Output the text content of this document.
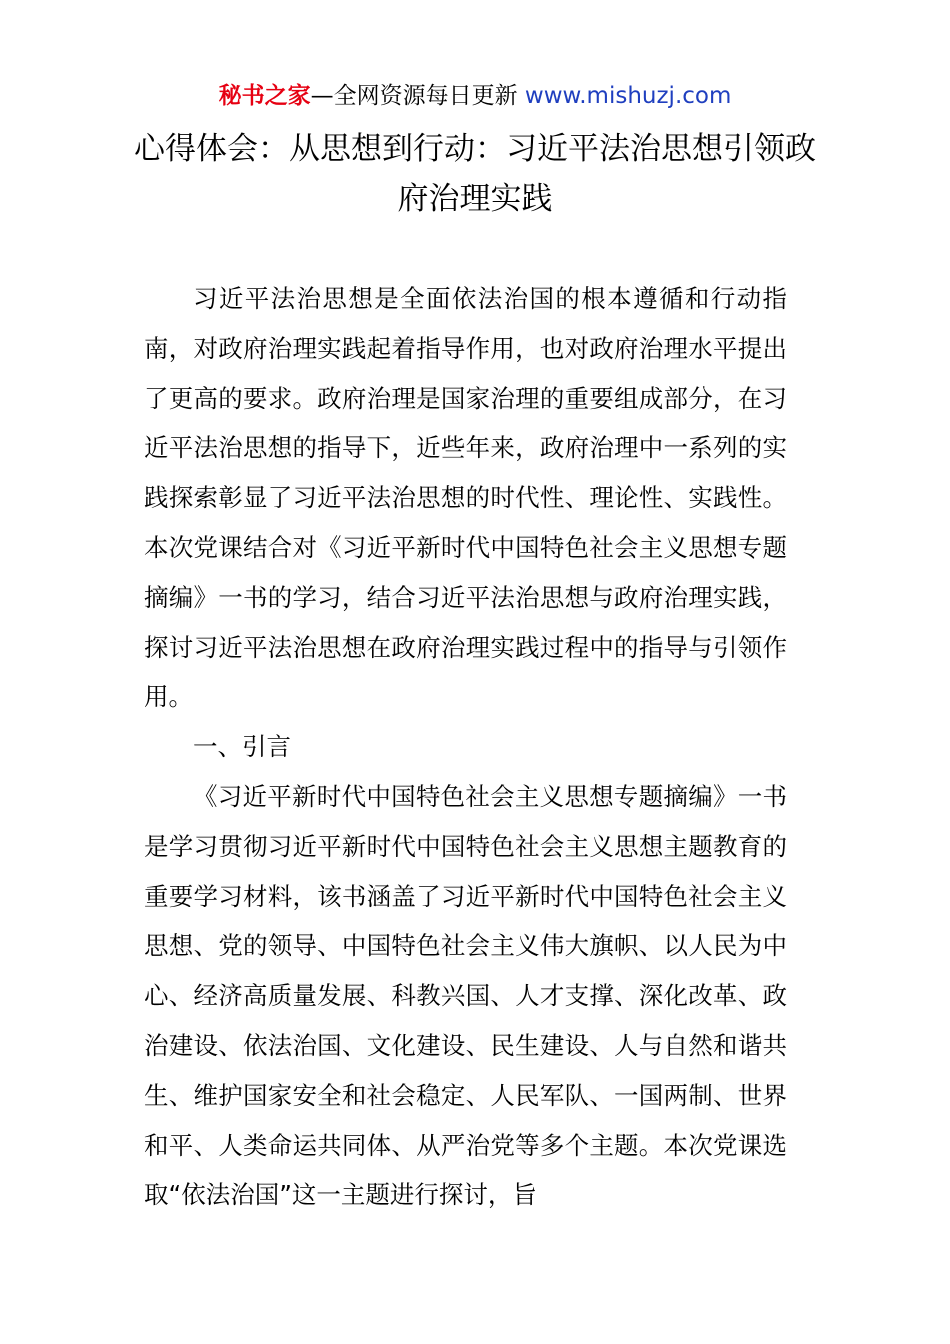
秘书之家—全网资源每日更新 www.mishuzj.com
心得体会：从思想到行动：习近平法治思想引领政府治理实践

习近平法治思想是全面依法治国的根本遵循和行动指南，对政府治理实践起着指导作用，也对政府治理水平提出了更高的要求。政府治理是国家治理的重要组成部分，在习近平法治思想的指导下，近些年来，政府治理中一系列的实践探索彰显了习近平法治思想的时代性、理论性、实践性。本次党课结合对《习近平新时代中国特色社会主义思想专题摘编》一书的学习，结合习近平法治思想与政府治理实践，探讨习近平法治思想在政府治理实践过程中的指导与引领作用。

一、引言

《习近平新时代中国特色社会主义思想专题摘编》一书是学习贯彻习近平新时代中国特色社会主义思想主题教育的重要学习材料，该书涵盖了习近平新时代中国特色社会主义思想、党的领导、中国特色社会主义伟大旗帜、以人民为中心、经济高质量发展、科教兴国、人才支撑、深化改革、政治建设、依法治国、文化建设、民生建设、人与自然和谐共生、维护国家安全和社会稳定、人民军队、一国两制、世界和平、人类命运共同体、从严治党等多个主题。本次党课选取“依法治国”这一主题进行探讨，旨
